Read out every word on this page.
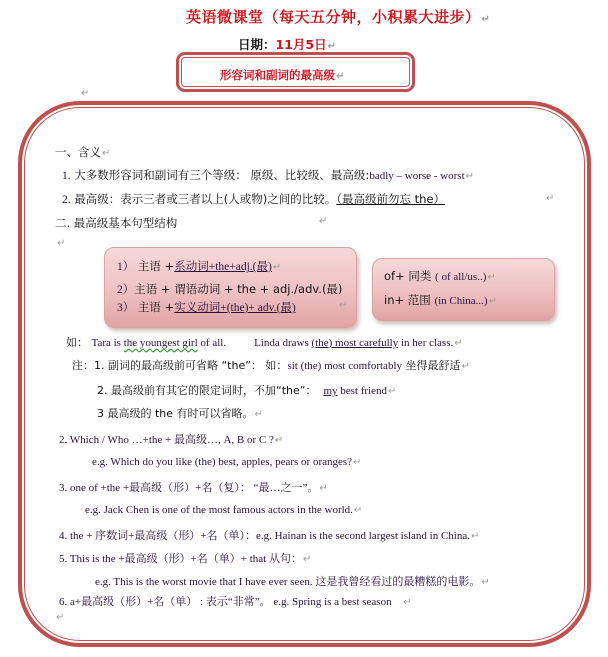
英语微课堂（每天五分钟，小积累大进步）↵
日期：11月5日↵
形容词和副词的最高级↵
↵
一、含义↵
1. 大多数形容词和副词有三个等级： 原级、比较级、最高级:badly – worse - worst↵
2. 最高级：表示三者或三者以上(人或物)之间的比较。（最高级前勿忘 the）	↵
二. 最高级基本句型结构	↵
↵
1） 主语 +系动词+the+adj.(最)↵
2）主语 + 谓语动词 + the + adj./adv.(最)
3） 主语 +实义动词+(the)+ adv.(最)	↵
of+ 同类 ( of all/us..)↵
in+ 范围 (in China...)↵
如： Tara is the youngest girl of all.	Linda draws (the) most carefully in her class.↵
注：1. 副词的最高级前可省略 “the”： 如：sit (the) most comfortably 坐得最舒适↵
2. 最高级前有其它的限定词时，不加“the”： my best friend↵
3 最高级的 the 有时可以省略。↵
2. Which / Who …+the + 最高级…, A, B or C ?↵
e.g. Which do you like (the) best, apples, pears or oranges?↵
3. one of +the +最高级（形）+名（复）： “最…之一”。↵
e.g. Jack Chen is one of the most famous actors in the world.↵
4. the + 序数词+最高级（形）+名（单）：e.g. Hainan is the second largest island in China.↵
5. This is the +最高级（形）+名（单）+ that 从句：↵
e.g. This is the worst movie that I have ever seen. 这是我曾经看过的最糟糕的电影。↵
6. a+最高级（形）+名（单） : 表示“非常”。 e.g. Spring is a best season ↵
↵
